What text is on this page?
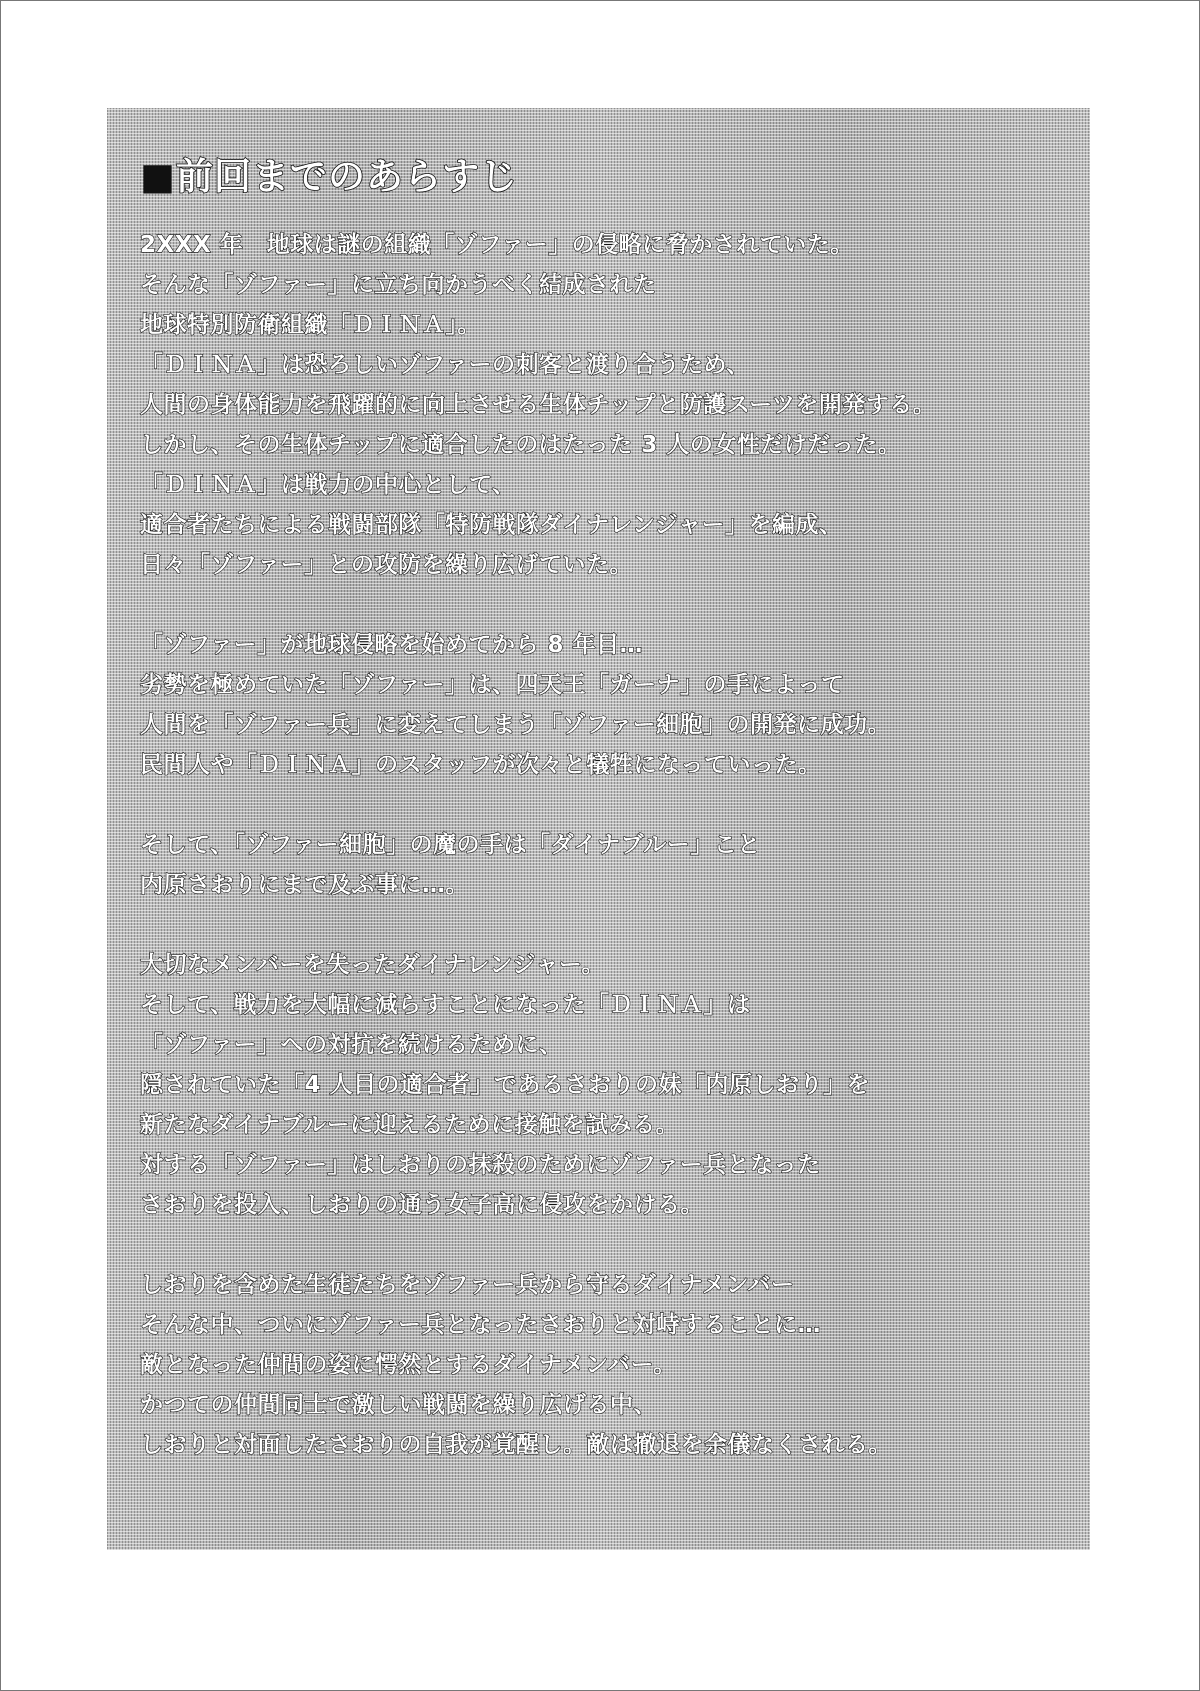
■前回までのあらすじ
2XXX 年　地球は謎の組織「ゾファー」の侵略に脅かされていた。
そんな「ゾファー」に立ち向かうべく結成された
地球特別防衛組織「ＤＩＮＡ」。
「ＤＩＮＡ」は恐ろしいゾファーの刺客と渡り合うため、
人間の身体能力を飛躍的に向上させる生体チップと防護スーツを開発する。
しかし、その生体チップに適合したのはたった 3 人の女性だけだった。
「ＤＩＮＡ」は戦力の中心として、
適合者たちによる戦闘部隊「特防戦隊ダイナレンジャー」を編成、
日々「ゾファー」との攻防を繰り広げていた。
「ゾファー」が地球侵略を始めてから 8 年目…
劣勢を極めていた「ゾファー」は、四天王「ガーナ」の手によって
人間を「ゾファー兵」に変えてしまう「ゾファー細胞」の開発に成功。
民間人や「ＤＩＮＡ」のスタッフが次々と犠牲になっていった。
そして、「ゾファー細胞」の魔の手は「ダイナブルー」こと
内原さおりにまで及ぶ事に…。
大切なメンバーを失ったダイナレンジャー。
そして、戦力を大幅に減らすことになった「ＤＩＮＡ」は
「ゾファー」への対抗を続けるために、
隠されていた「4 人目の適合者」であるさおりの妹「内原しおり」を
新たなダイナブルーに迎えるために接触を試みる。
対する「ゾファー」はしおりの抹殺のためにゾファー兵となった
さおりを投入、しおりの通う女子高に侵攻をかける。
しおりを含めた生徒たちをゾファー兵から守るダイナメンバー
そんな中、ついにゾファー兵となったさおりと対峙することに…
敵となった仲間の姿に愕然とするダイナメンバー。
かつての仲間同士で激しい戦闘を繰り広げる中、
しおりと対面したさおりの自我が覚醒し。敵は撤退を余儀なくされる。
